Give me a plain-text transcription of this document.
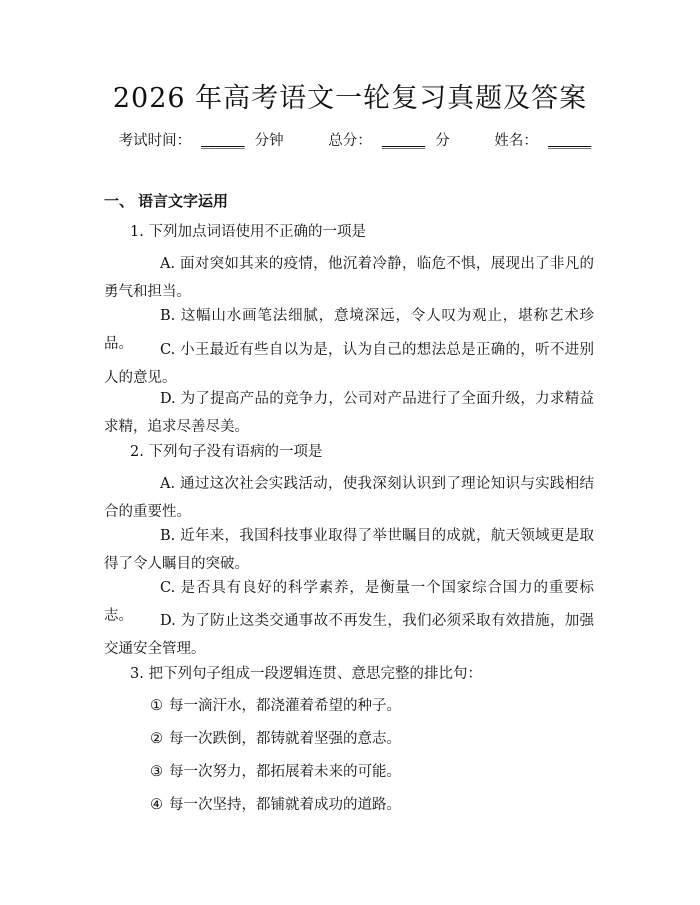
2026 年高考语文一轮复习真题及答案
考试时间： ______ 分钟	总分： ______ 分	姓名： ______
一、 语言文字运用
1. 下列加点词语使用不正确的一项是
A. 面对突如其来的疫情，他沉着冷静，临危不惧，展现出了非凡的勇气和担当。
B. 这幅山水画笔法细腻，意境深远，令人叹为观止，堪称艺术珍品。	C. 小王最近有些自以为是，认为自己的想法总是正确的，听不进别人的意见。
D. 为了提高产品的竞争力，公司对产品进行了全面升级，力求精益求精，追求尽善尽美。
2. 下列句子没有语病的一项是
A. 通过这次社会实践活动，使我深刻认识到了理论知识与实践相结合的重要性。
B. 近年来，我国科技事业取得了举世瞩目的成就，航天领域更是取得了令人瞩目的突破。
C. 是否具有良好的科学素养，是衡量一个国家综合国力的重要标志。	D. 为了防止这类交通事故不再发生，我们必须采取有效措施，加强交通安全管理。
3. 把下列句子组成一段逻辑连贯、意思完整的排比句：
① 每一滴汗水，都浇灌着希望的种子。
② 每一次跌倒，都铸就着坚强的意志。
③ 每一次努力，都拓展着未来的可能。
④ 每一次坚持，都铺就着成功的道路。
